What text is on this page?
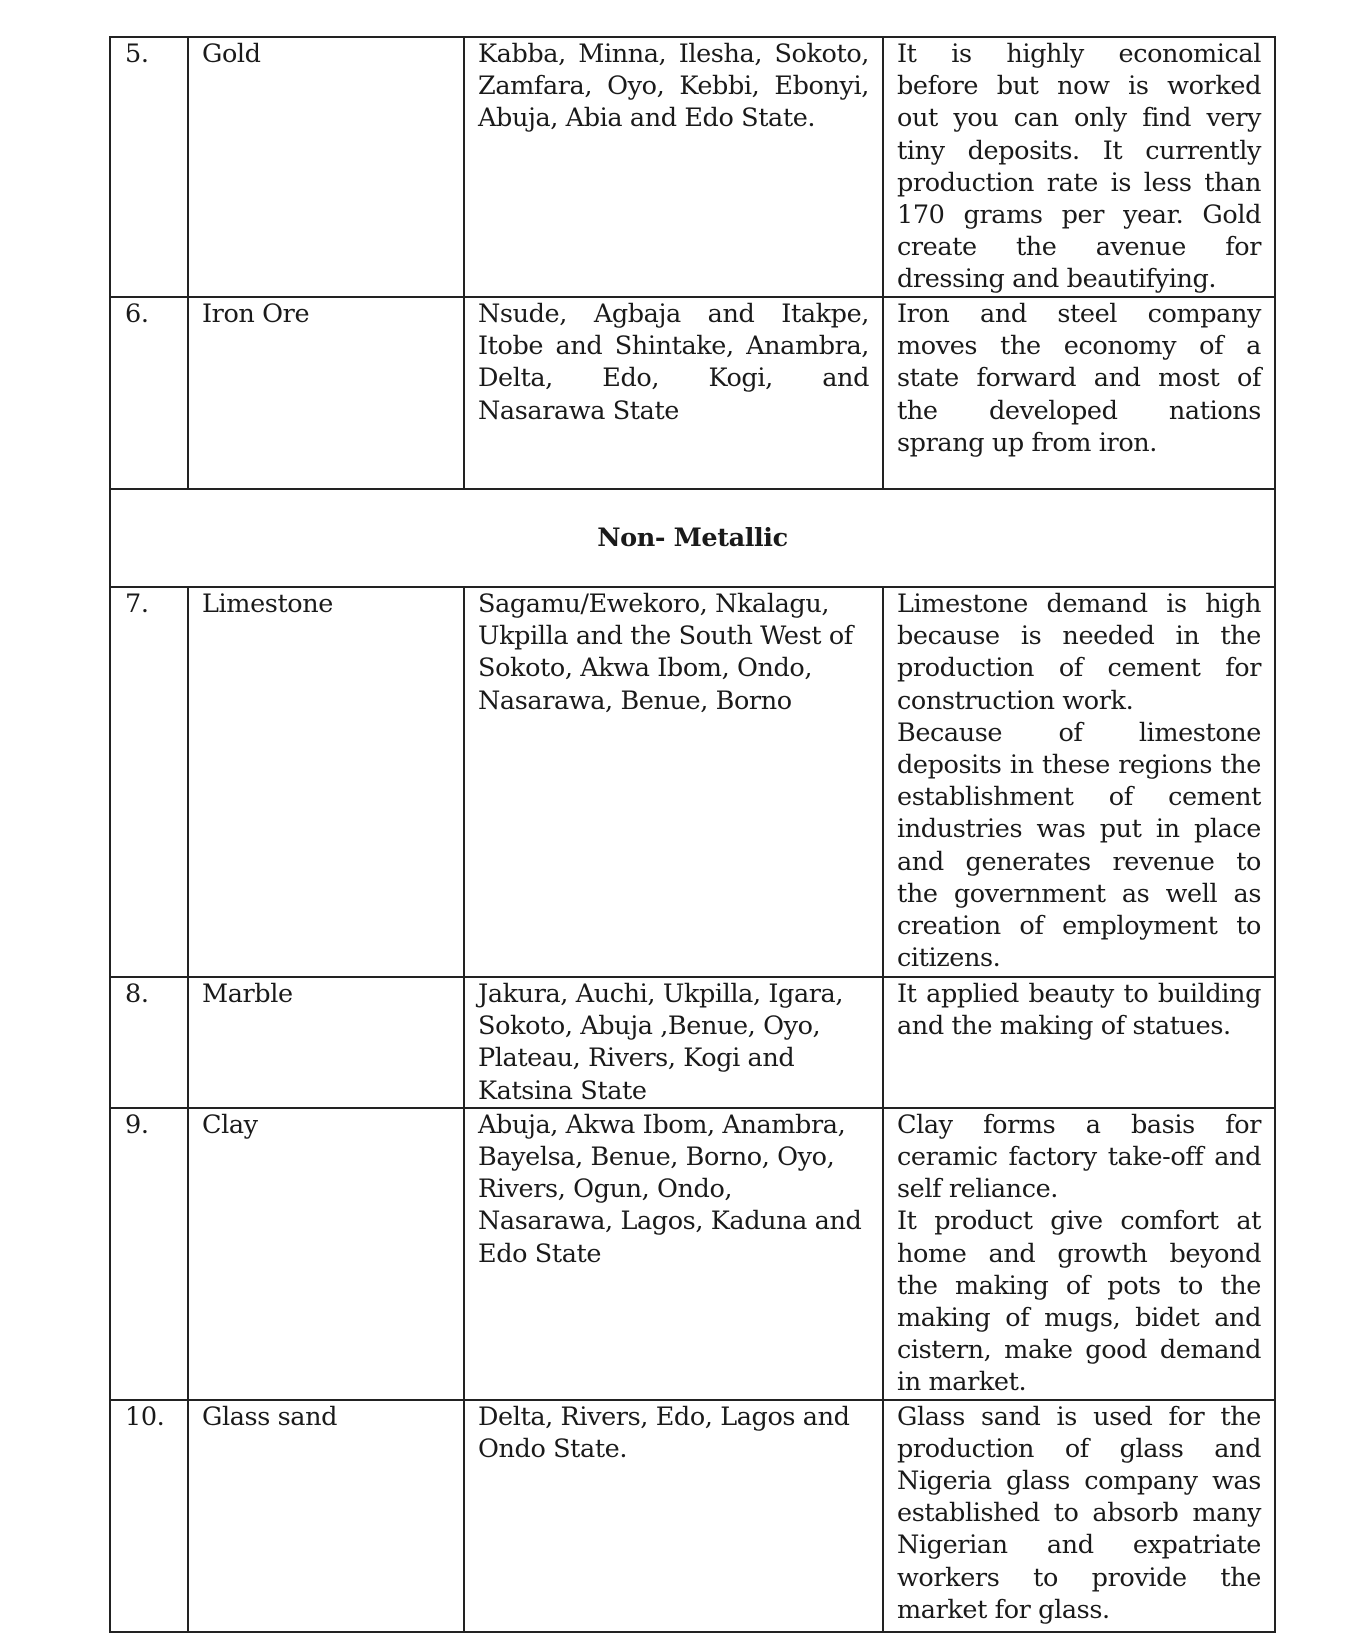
5.	Gold	Kabba, Minna, Ilesha, Sokoto, Zamfara, Oyo, Kebbi, Ebonyi, Abuja, Abia and Edo State.	It is highly economical before but now is worked out you can only find very tiny deposits. It currently production rate is less than 170 grams per year. Gold create the avenue for dressing and beautifying.

6.	Iron Ore	Nsude, Agbaja and Itakpe, Itobe and Shintake, Anambra, Delta, Edo, Kogi, and Nasarawa State	Iron and steel company moves the economy of a state forward and most of the developed nations sprang up from iron.

Non- Metallic			
7.	Limestone	Sagamu/Ewekoro, Nkalagu, Ukpilla and the South West of Sokoto, Akwa Ibom, Ondo, Nasarawa, Benue, Borno	Limestone demand is high because is needed in the production of cement for construction work.
Because of limestone deposits in these regions the establishment of cement industries was put in place and generates revenue to the government as well as creation of employment to citizens.

8.	Marble	Jakura, Auchi, Ukpilla, Igara, Sokoto, Abuja ,Benue, Oyo, Plateau, Rivers, Kogi and Katsina State	It applied beauty to building and the making of statues.

9.	Clay	Abuja, Akwa Ibom, Anambra, Bayelsa, Benue, Borno, Oyo, Rivers, Ogun, Ondo, Nasarawa, Lagos, Kaduna and Edo State	Clay forms a basis for ceramic factory take-off and self reliance.
It product give comfort at home and growth beyond the making of pots to the making of mugs, bidet and cistern, make good demand in market.

10.	Glass sand	Delta, Rivers, Edo, Lagos and Ondo State.	Glass sand is used for the production of glass and Nigeria glass company was established to absorb many Nigerian and expatriate workers to provide the market for glass.
